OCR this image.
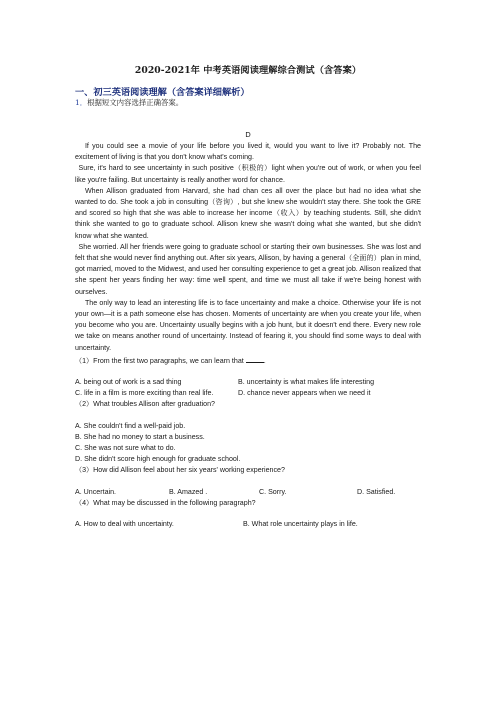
2020-2021年 中考英语阅读理解综合测试（含答案）
一、初三英语阅读理解（含答案详细解析）
1．根据短文内容选择正确答案。
D

If you could see a movie of your life before you lived it, would you want to live it? Probably not. The excitement of living is that you don't know what's coming.

Sure, it's hard to see uncertainty in such positive（积极的）light when you're out of work, or when you feel like you're failing. But uncertainty is really another word for chance.

When Allison graduated from Harvard, she had chan ces all over the place but had no idea what she wanted to do. She took a job in consulting（咨询）, but she knew she wouldn't stay there. She took the GRE and scored so high that she was able to increase her income（收入）by teaching students. Still, she didn't think she wanted to go to graduate school. Allison knew she wasn't doing what she wanted, but she didn't know what she wanted.

She worried. All her friends were going to graduate school or starting their own businesses. She was lost and felt that she would never find anything out. After six years, Allison, by having a general（全面的）plan in mind, got married, moved to the Midwest, and used her consulting experience to get a great job. Allison realized that she spent her years finding her way: time well spent, and time we must all take if we're being honest with ourselves.

The only way to lead an interesting life is to face uncertainty and make a choice. Otherwise your life is not your own—it is a path someone else has chosen. Moments of uncertainty are when you create your life, when you become who you are. Uncertainty usually begins with a job hunt, but it doesn't end there. Every new role we take on means another round of uncertainty. Instead of fearing it, you should find some ways to deal with uncertainty.

（1）From the first two paragraphs, we can learn that	.

A. being out of work is a sad thing	B. uncertainty is what makes life interesting
C. life in a film is more exciting than real life.	D. chance never appears when we need it

（2）What troubles Allison after graduation?

A. She couldn't find a well-paid job.

B. She had no money to start a business.

C. She was not sure what to do.

D. She didn't score high enough for graduate school.

（3）How did Allison feel about her six years' working experience?

A. Uncertain.	B. Amazed .	C. Sorry.	D. Satisfied.

（4）What may be discussed in the following paragraph?

A. How to deal with uncertainty.	B. What role uncertainty plays in life.
